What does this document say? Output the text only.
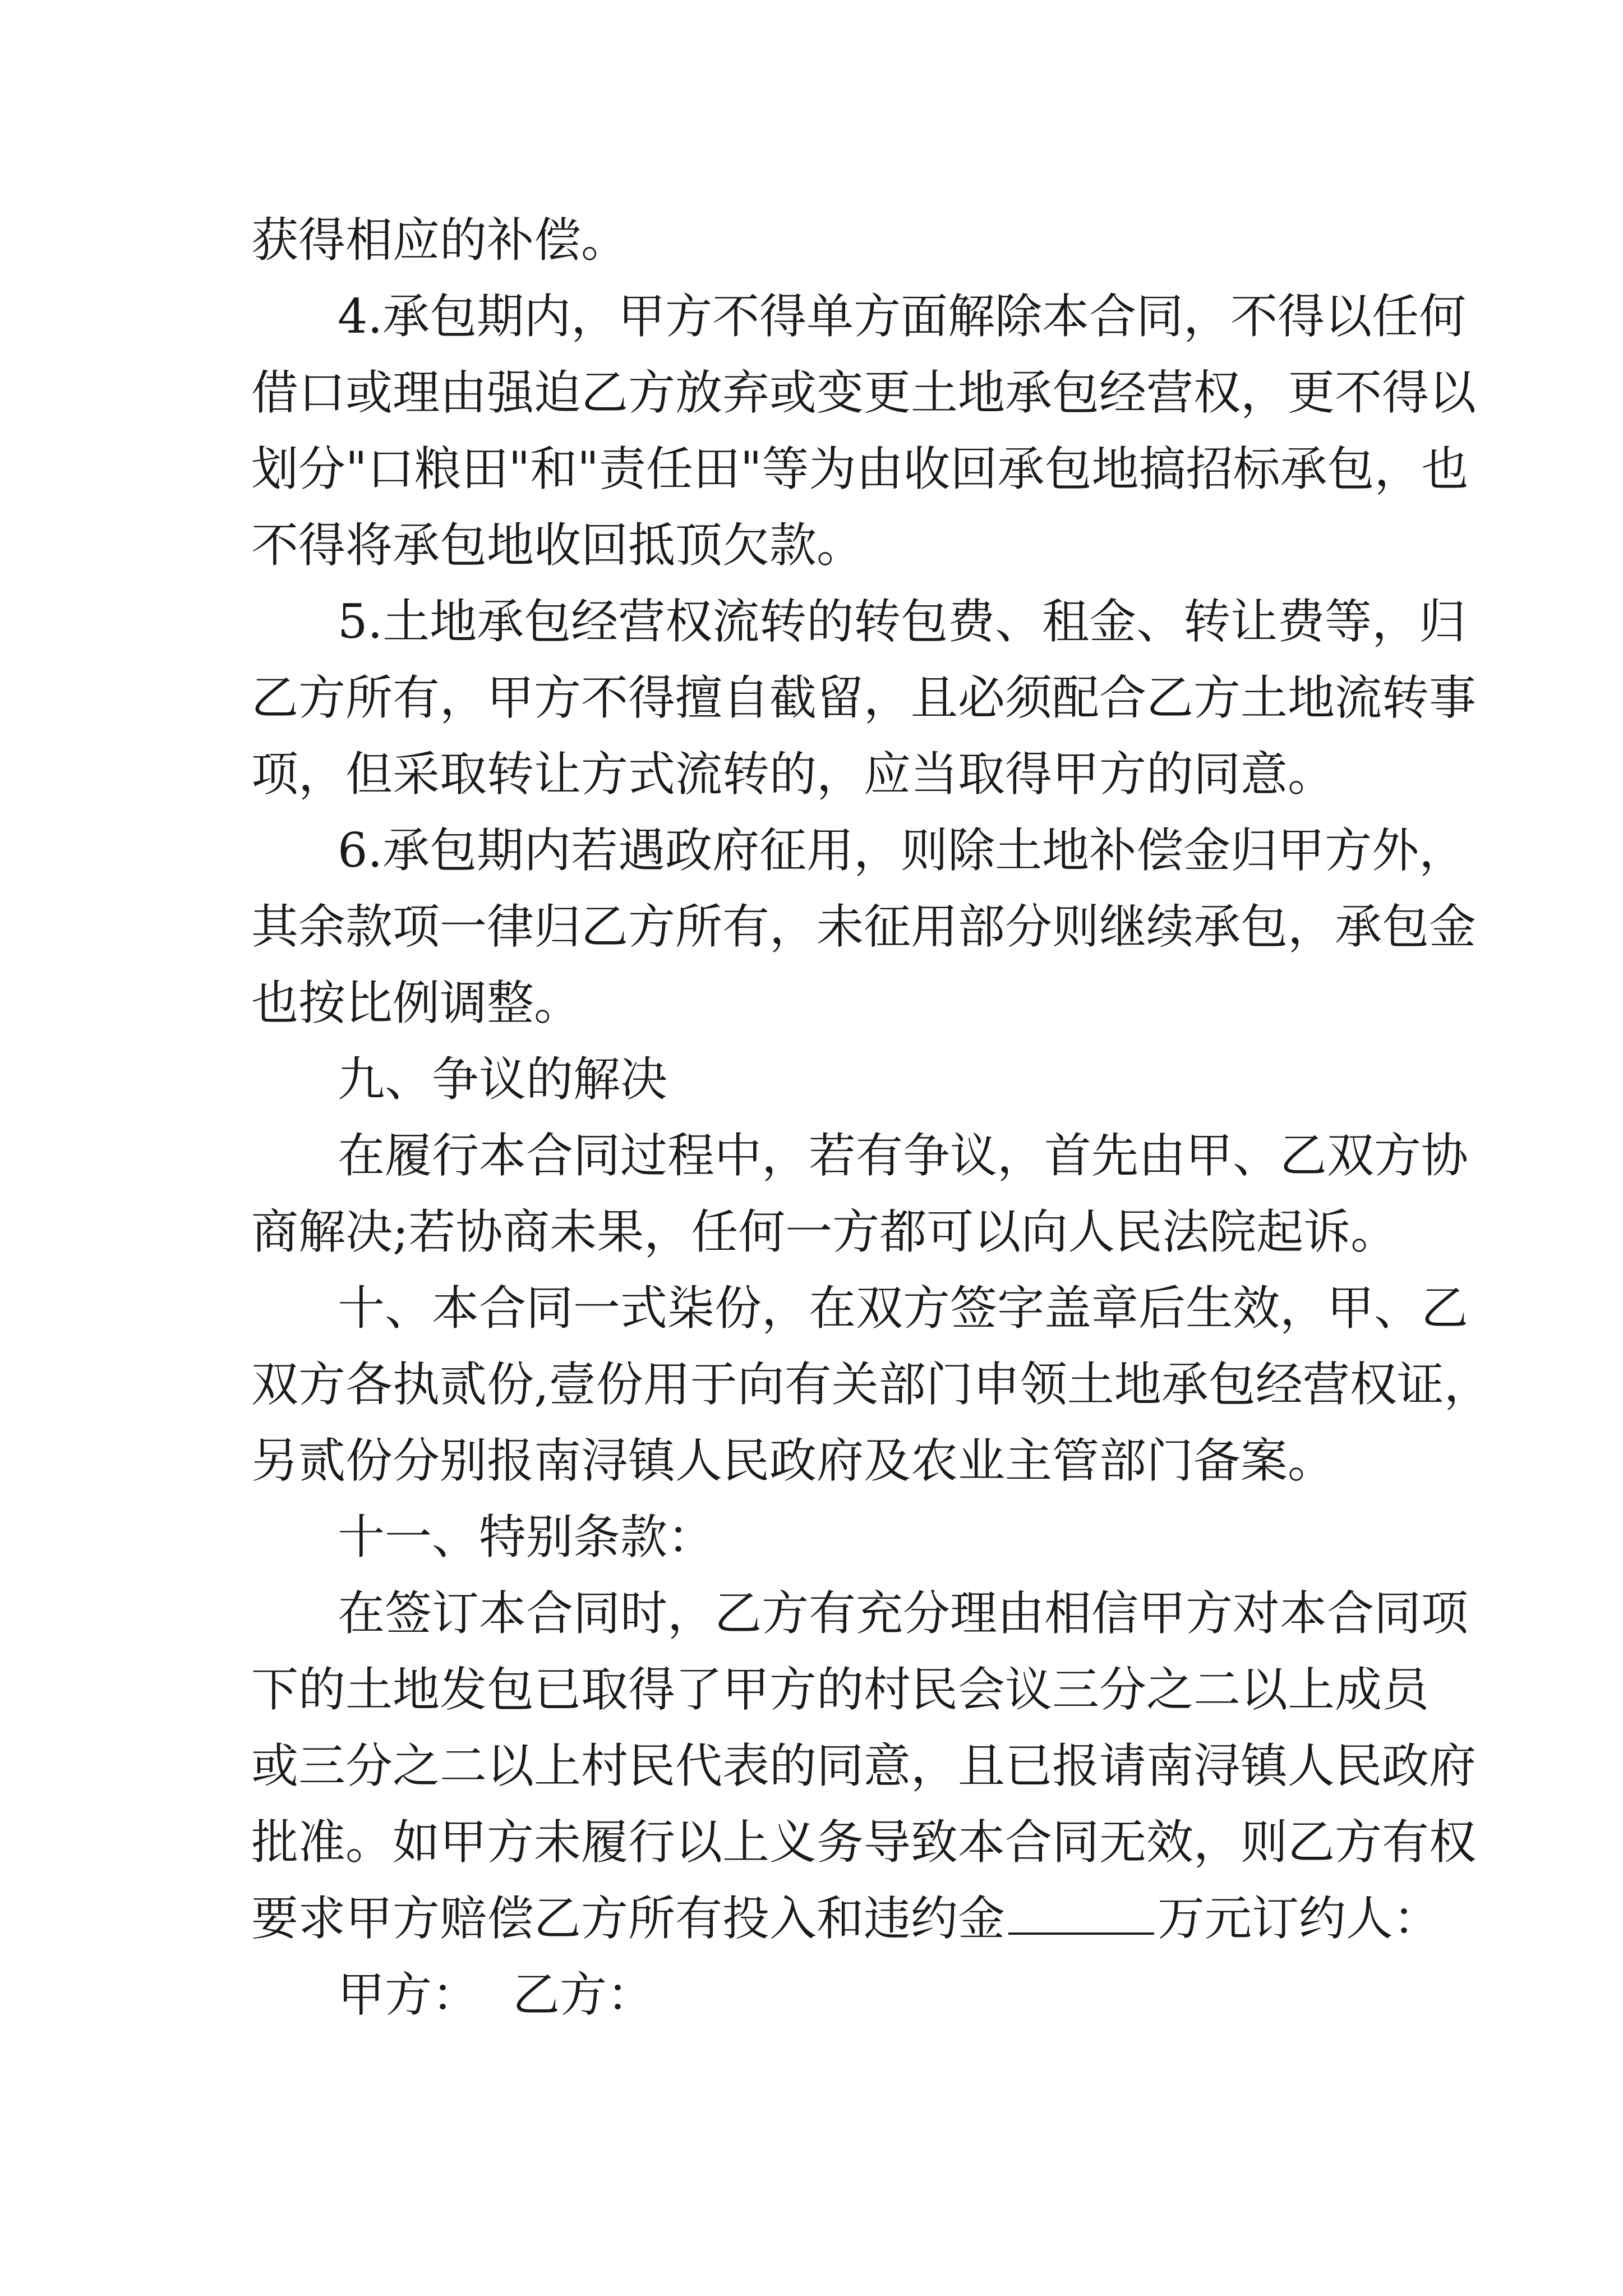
获得相应的补偿。
4.承包期内，甲方不得单方面解除本合同，不得以任何
借口或理由强迫乙方放弃或变更土地承包经营权，更不得以
划分"口粮田"和"责任田"等为由收回承包地搞招标承包，也
不得将承包地收回抵顶欠款。
5.土地承包经营权流转的转包费、租金、转让费等，归
乙方所有，甲方不得擅自截留，且必须配合乙方土地流转事
项，但采取转让方式流转的，应当取得甲方的同意。
6.承包期内若遇政府征用，则除土地补偿金归甲方外，
其余款项一律归乙方所有，未征用部分则继续承包，承包金
也按比例调整。
九、争议的解决
在履行本合同过程中，若有争议，首先由甲、乙双方协
商解决;若协商未果，任何一方都可以向人民法院起诉。
十、本合同一式柒份，在双方签字盖章后生效，甲、乙
双方各执贰份,壹份用于向有关部门申领土地承包经营权证，
另贰份分别报南浔镇人民政府及农业主管部门备案。
十一、特别条款：
在签订本合同时，乙方有充分理由相信甲方对本合同项
下的土地发包已取得了甲方的村民会议三分之二以上成员
或三分之二以上村民代表的同意，且已报请南浔镇人民政府
批准。如甲方未履行以上义务导致本合同无效，则乙方有权
要求甲方赔偿乙方所有投入和违约金	万元订约人：
甲方： 乙方：
